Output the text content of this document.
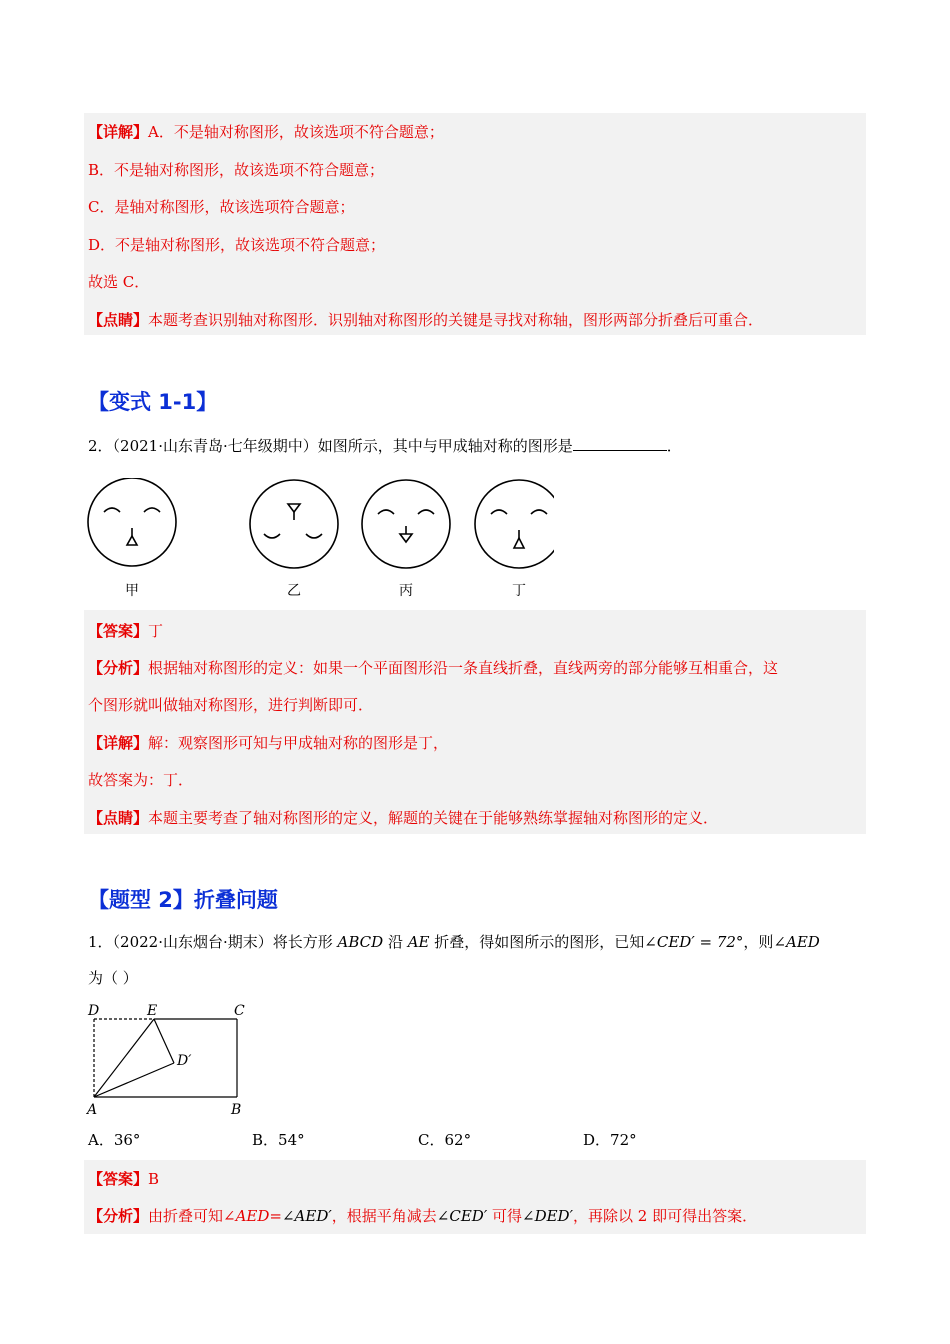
【详解】A．不是轴对称图形，故该选项不符合题意；
B．不是轴对称图形，故该选项不符合题意；
C．是轴对称图形，故该选项符合题意；
D．不是轴对称图形，故该选项不符合题意；
故选 C．
【点睛】本题考查识别轴对称图形．识别轴对称图形的关键是寻找对称轴，图形两部分折叠后可重合．
【变式 1-1】
2．（2021·山东青岛·七年级期中）如图所示，其中与甲成轴对称的图形是	．
甲	乙	丙	丁
【答案】丁
【分析】根据轴对称图形的定义：如果一个平面图形沿一条直线折叠，直线两旁的部分能够互相重合，这
个图形就叫做轴对称图形，进行判断即可．
【详解】解：观察图形可知与甲成轴对称的图形是丁，
故答案为：丁．
【点睛】本题主要考查了轴对称图形的定义，解题的关键在于能够熟练掌握轴对称图形的定义．
【题型 2】折叠问题
1．（2022·山东烟台·期末）将长方形 ABCD 沿 AE 折叠，得如图所示的图形，已知∠CED′ = 72°，则∠AED
为（ ）
D	E	C
D′
A	B
A．36°	B．54°	C．62°	D．72°
【答案】B
【分析】由折叠可知∠AED=∠AED′，根据平角减去∠CED′ 可得∠DED′，再除以 2 即可得出答案．
